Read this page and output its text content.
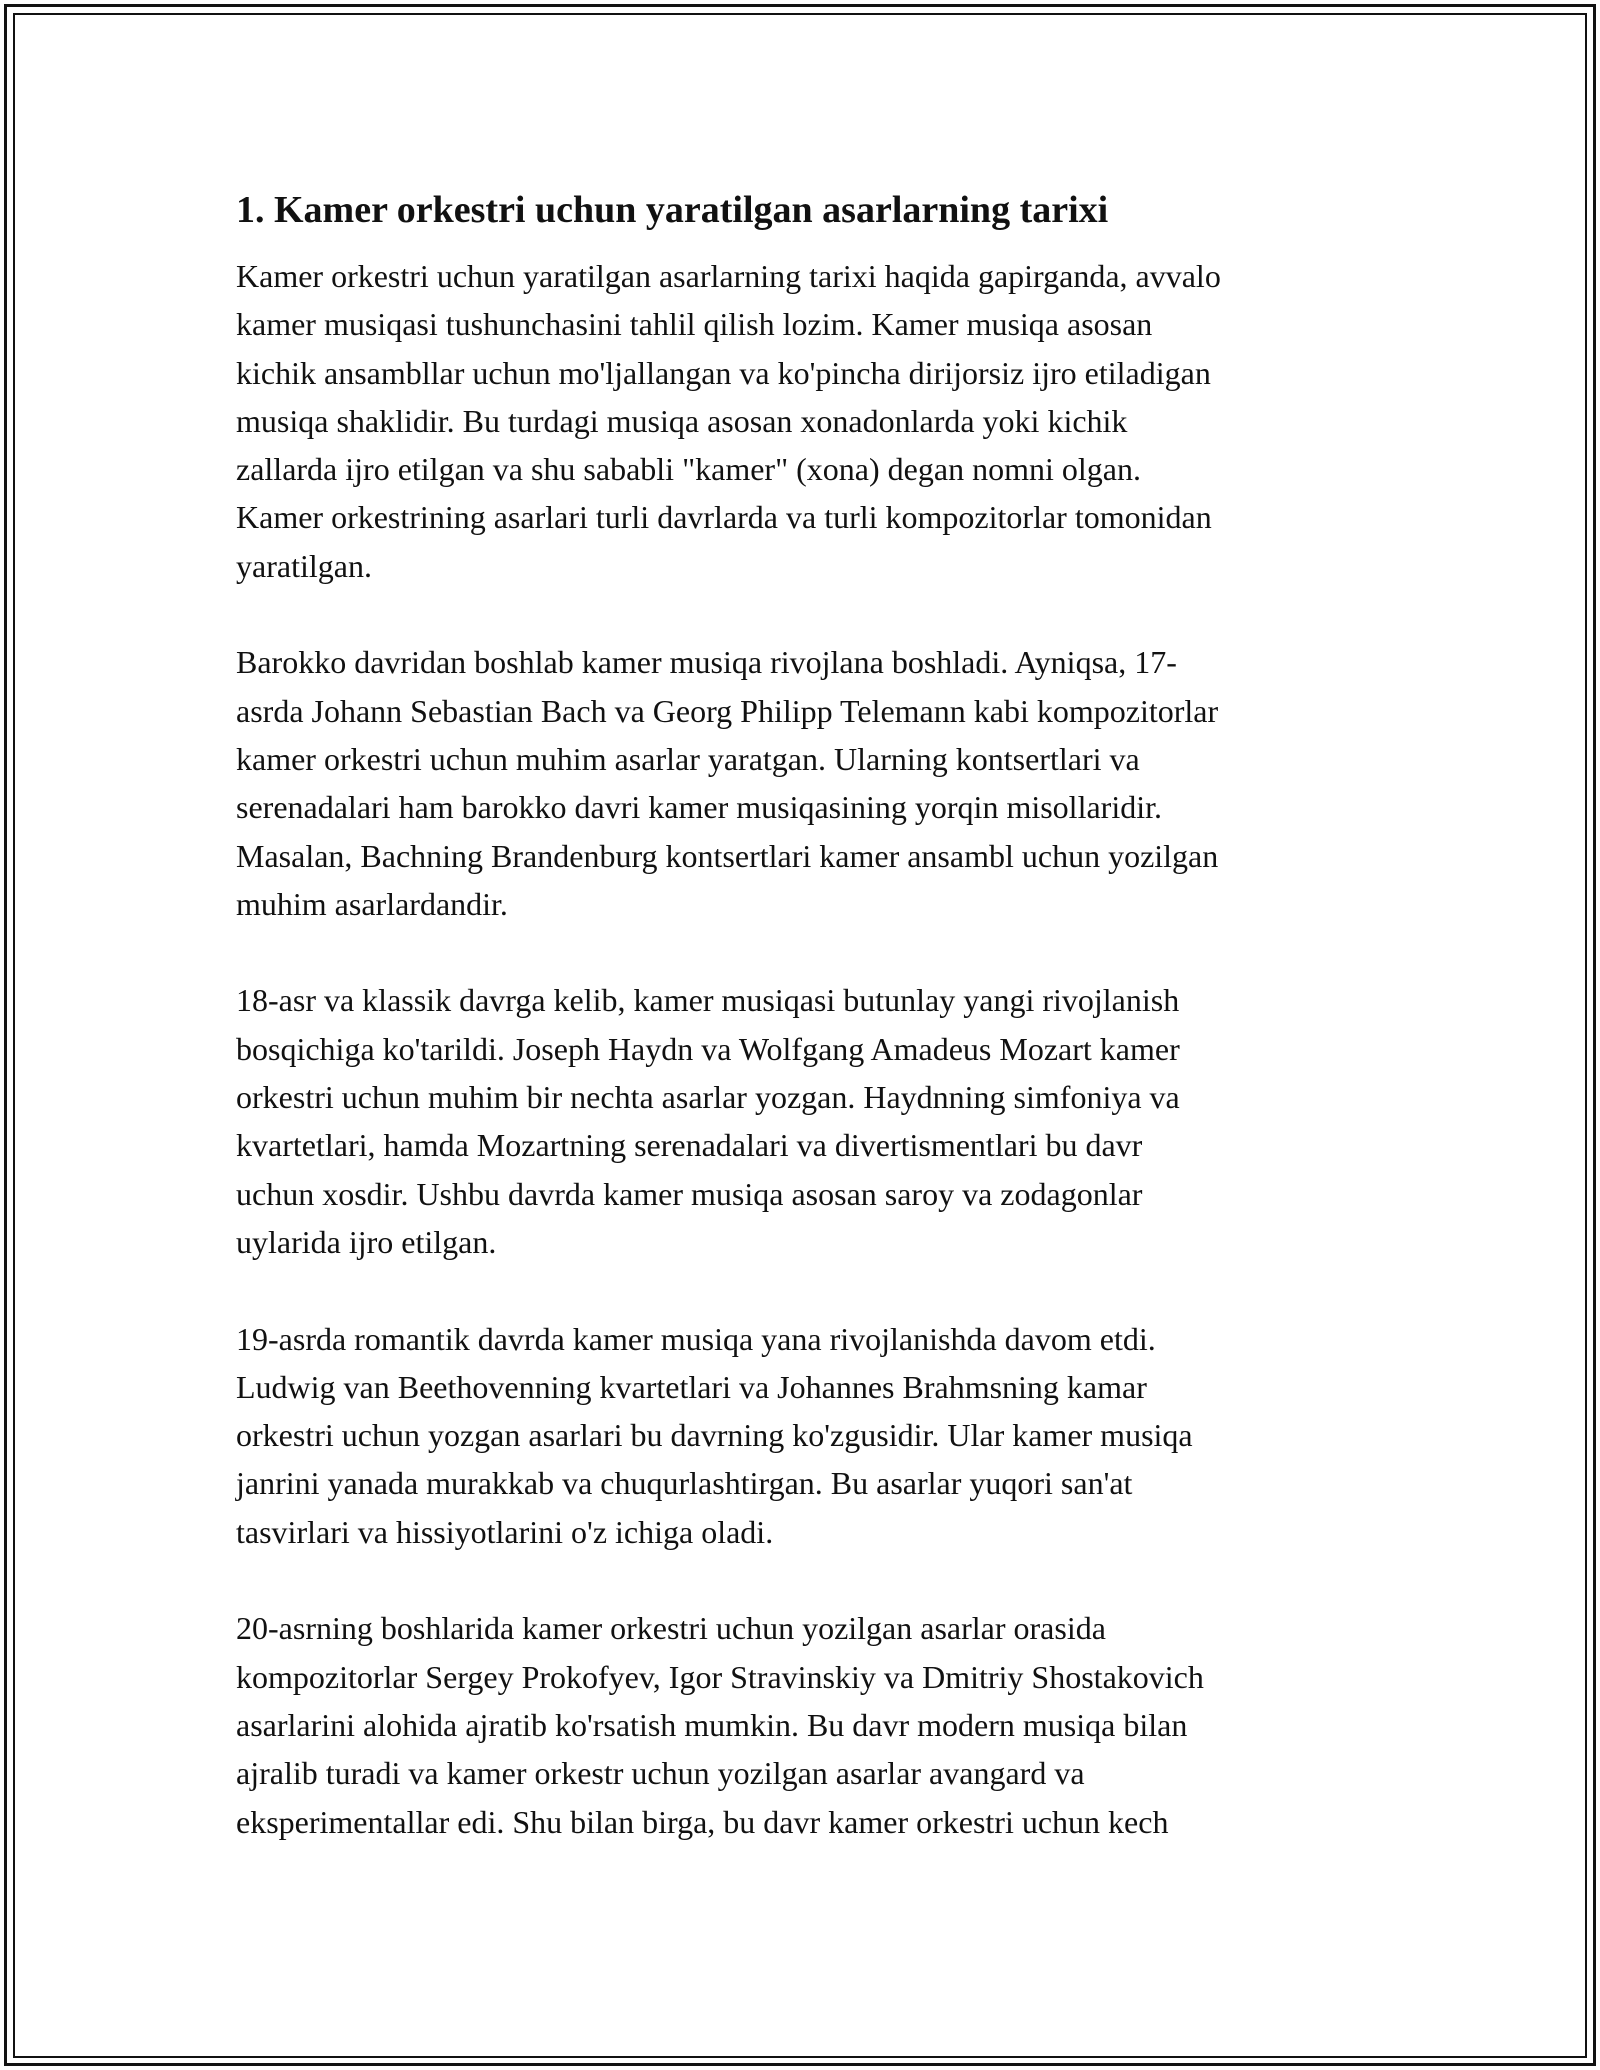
1. Kamer orkestri uchun yaratilgan asarlarning tarixi

Kamer orkestri uchun yaratilgan asarlarning tarixi haqida gapirganda, avvalo
kamer musiqasi tushunchasini tahlil qilish lozim. Kamer musiqa asosan
kichik ansambllar uchun mo'ljallangan va ko'pincha dirijorsiz ijro etiladigan
musiqa shaklidir. Bu turdagi musiqa asosan xonadonlarda yoki kichik
zallarda ijro etilgan va shu sababli "kamer" (xona) degan nomni olgan.
Kamer orkestrining asarlari turli davrlarda va turli kompozitorlar tomonidan
yaratilgan.

Barokko davridan boshlab kamer musiqa rivojlana boshladi. Ayniqsa, 17-
asrda Johann Sebastian Bach va Georg Philipp Telemann kabi kompozitorlar
kamer orkestri uchun muhim asarlar yaratgan. Ularning kontsertlari va
serenadalari ham barokko davri kamer musiqasining yorqin misollaridir.
Masalan, Bachning Brandenburg kontsertlari kamer ansambl uchun yozilgan
muhim asarlardandir.

18-asr va klassik davrga kelib, kamer musiqasi butunlay yangi rivojlanish
bosqichiga ko'tarildi. Joseph Haydn va Wolfgang Amadeus Mozart kamer
orkestri uchun muhim bir nechta asarlar yozgan. Haydnning simfoniya va
kvartetlari, hamda Mozartning serenadalari va divertismentlari bu davr
uchun xosdir. Ushbu davrda kamer musiqa asosan saroy va zodagonlar
uylarida ijro etilgan.

19-asrda romantik davrda kamer musiqa yana rivojlanishda davom etdi.
Ludwig van Beethovenning kvartetlari va Johannes Brahmsning kamar
orkestri uchun yozgan asarlari bu davrning ko'zgusidir. Ular kamer musiqa
janrini yanada murakkab va chuqurlashtirgan. Bu asarlar yuqori san'at
tasvirlari va hissiyotlarini o'z ichiga oladi.

20-asrning boshlarida kamer orkestri uchun yozilgan asarlar orasida
kompozitorlar Sergey Prokofyev, Igor Stravinskiy va Dmitriy Shostakovich
asarlarini alohida ajratib ko'rsatish mumkin. Bu davr modern musiqa bilan
ajralib turadi va kamer orkestr uchun yozilgan asarlar avangard va
eksperimentallar edi. Shu bilan birga, bu davr kamer orkestri uchun kech
